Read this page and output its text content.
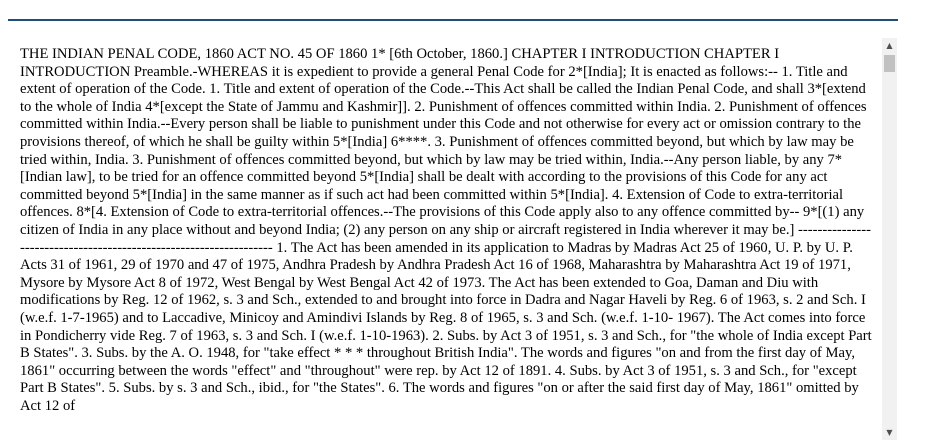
THE INDIAN PENAL CODE, 1860 ACT NO. 45 OF 1860 1* [6th October, 1860.] CHAPTER I INTRODUCTION CHAPTER I INTRODUCTION Preamble.-WHEREAS it is expedient to provide a general Penal Code for 2*[India]; It is enacted as follows:-- 1. Title and extent of operation of the Code. 1. Title and extent of operation of the Code.--This Act shall be called the Indian Penal Code, and shall 3*[extend to the whole of India 4*[except the State of Jammu and Kashmir]]. 2. Punishment of offences committed within India. 2. Punishment of offences committed within India.--Every person shall be liable to punishment under this Code and not otherwise for every act or omission contrary to the provisions thereof, of which he shall be guilty within 5*[India] 6****. 3. Punishment of offences committed beyond, but which by law may be tried within, India. 3. Punishment of offences committed beyond, but which by law may be tried within, India.--Any person liable, by any 7*[Indian law], to be tried for an offence committed beyond 5*[India] shall be dealt with according to the provisions of this Code for any act committed beyond 5*[India] in the same manner as if such act had been committed within 5*[India]. 4. Extension of Code to extra-territorial offences. 8*[4. Extension of Code to extra-territorial offences.--The provisions of this Code apply also to any offence committed by-- 9*[(1) any citizen of India in any place without and beyond India; (2) any person on any ship or aircraft registered in India wherever it may be.] ------------------------------------------------------------------- 1. The Act has been amended in its application to Madras by Madras Act 25 of 1960, U. P. by U. P. Acts 31 of 1961, 29 of 1970 and 47 of 1975, Andhra Pradesh by Andhra Pradesh Act 16 of 1968, Maharashtra by Maharashtra Act 19 of 1971, Mysore by Mysore Act 8 of 1972, West Bengal by West Bengal Act 42 of 1973. The Act has been extended to Goa, Daman and Diu with modifications by Reg. 12 of 1962, s. 3 and Sch., extended to and brought into force in Dadra and Nagar Haveli by Reg. 6 of 1963, s. 2 and Sch. I (w.e.f. 1-7-1965) and to Laccadive, Minicoy and Amindivi Islands by Reg. 8 of 1965, s. 3 and Sch. (w.e.f. 1-10- 1967). The Act comes into force in Pondicherry vide Reg. 7 of 1963, s. 3 and Sch. I (w.e.f. 1-10-1963). 2. Subs. by Act 3 of 1951, s. 3 and Sch., for "the whole of India except Part B States". 3. Subs. by the A. O. 1948, for "take effect * * * throughout British India". The words and figures "on and from the first day of May, 1861" occurring between the words "effect" and "throughout" were rep. by Act 12 of 1891. 4. Subs. by Act 3 of 1951, s. 3 and Sch., for "except Part B States". 5. Subs. by s. 3 and Sch., ibid., for "the States". 6. The words and figures "on or after the said first day of May, 1861" omitted by Act 12 of

▲
▼
